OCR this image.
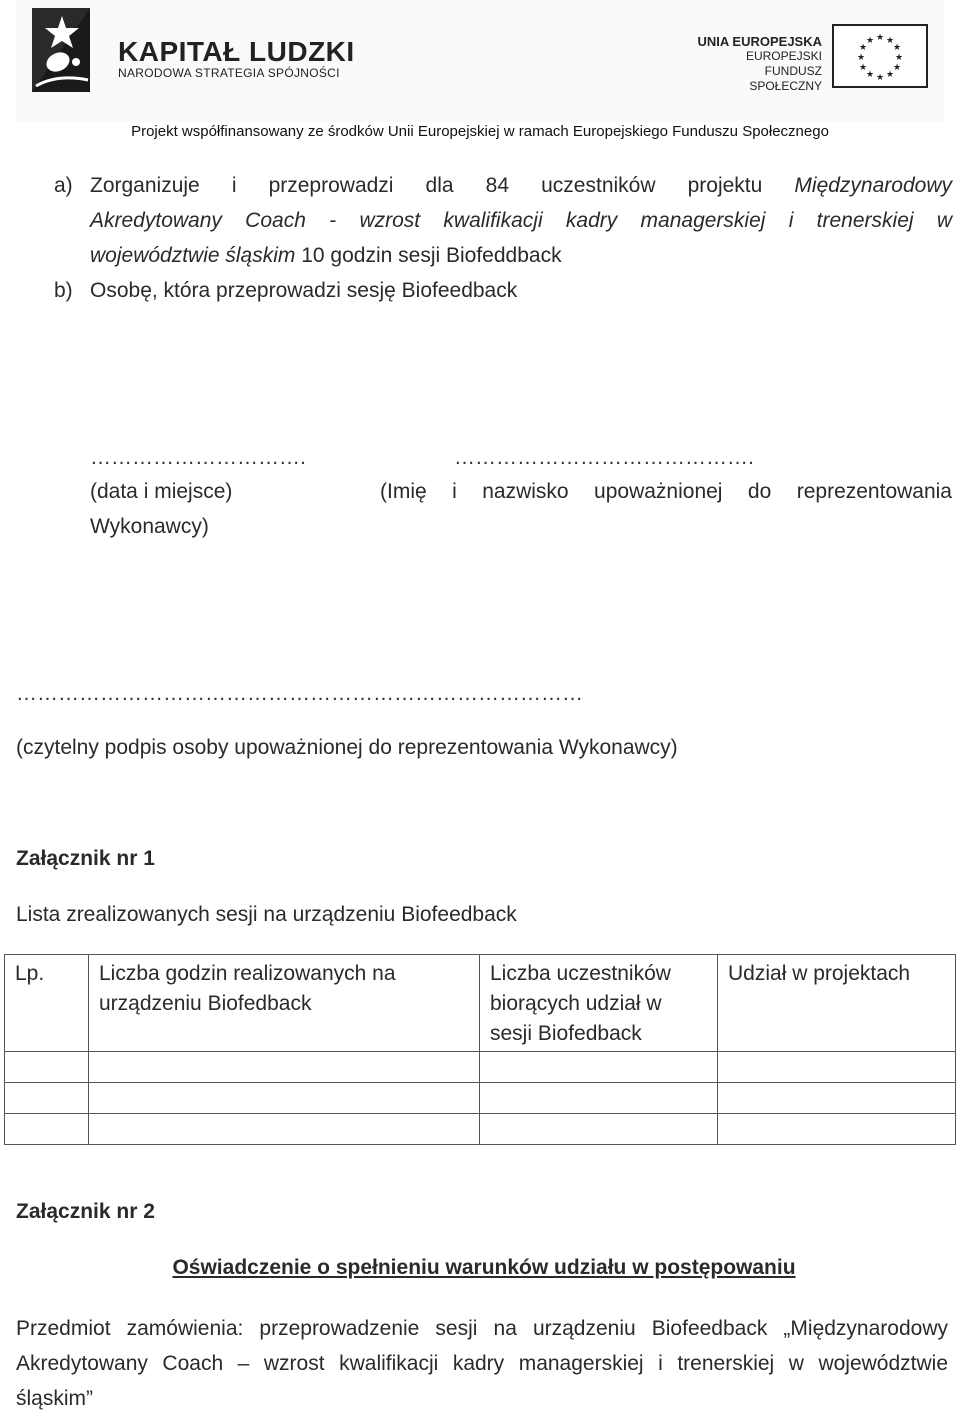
KAPITAŁ LUDZKI
NARODOWA STRATEGIA SPÓJNOŚCI
UNIA EUROPEJSKA
EUROPEJSKI
FUNDUSZ SPOŁECZNY
★ ★
★
★
★
★
★
★
★
★
★
★
Projekt współfinansowany ze środków Unii Europejskiej w ramach Europejskiego Funduszu Społecznego
a) Zorganizuje i przeprowadzi dla 84 uczestników projektu Międzynarodowy
Akredytowany Coach - wzrost kwalifikacji kadry managerskiej i trenerskiej w
województwie śląskim 10 godzin sesji Biofeddback
b) Osobę, która przeprowadzi sesję Biofeedback
………………………….	…………………………………….
(data i miejsce)	(Imię i nazwisko upoważnionej do reprezentowania
Wykonawcy)
………………………………………………………………………
(czytelny podpis osoby upoważnionej do reprezentowania Wykonawcy)
Załącznik nr 1
Lista zrealizowanych sesji na urządzeniu Biofeedback
Lp.	Liczba godzin realizowanych na
urządzeniu Biofedback	Liczba uczestników
biorących udział w
sesji Biofedback	Udział w projektach

Załącznik nr 2
Oświadczenie o spełnieniu warunków udziału w postępowaniu
Przedmiot zamówienia: przeprowadzenie sesji na urządzeniu Biofeedback „Międzynarodowy
Akredytowany Coach – wzrost kwalifikacji kadry managerskiej i trenerskiej w województwie
śląskim”
